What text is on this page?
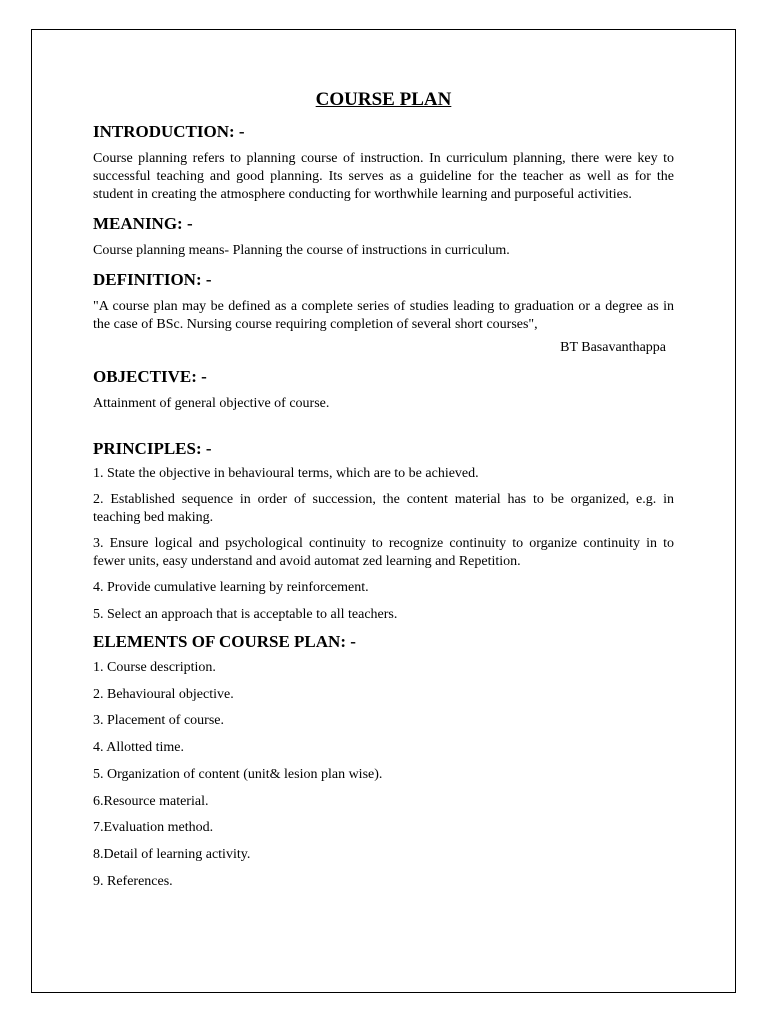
COURSE PLAN
INTRODUCTION: -

Course planning refers to planning course of instruction. In curriculum planning, there were key to successful teaching and good planning. Its serves as a guideline for the teacher as well as for the student in creating the atmosphere conducting for worthwhile learning and purposeful activities.

MEANING: -

Course planning means- Planning the course of instructions in curriculum.

DEFINITION: -

"A course plan may be defined as a complete series of studies leading to graduation or a degree as in the case of BSc. Nursing course requiring completion of several short courses",

BT Basavanthappa

OBJECTIVE: -

Attainment of general objective of course.

PRINCIPLES: -
1. State the objective in behavioural terms, which are to be achieved.
2. Established sequence in order of succession, the content material has to be organized, e.g. in teaching bed making.
3. Ensure logical and psychological continuity to recognize continuity to organize continuity in to fewer units, easy understand and avoid automat zed learning and Repetition.
4. Provide cumulative learning by reinforcement.
5. Select an approach that is acceptable to all teachers.
ELEMENTS OF COURSE PLAN: -
1. Course description.
2. Behavioural objective.
3. Placement of course.
4. Allotted time.
5. Organization of content (unit& lesion plan wise).
6.Resource material.
7.Evaluation method.
8.Detail of learning activity.
9. References.
